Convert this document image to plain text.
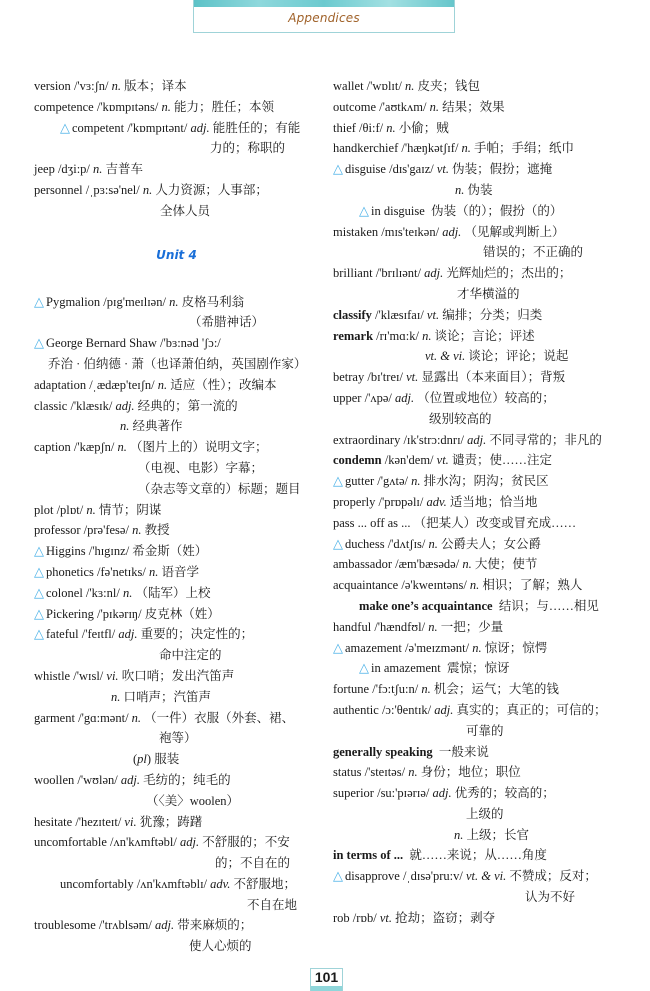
Appendices
version /'vɜ:ʃn/ n. 版本；译本
competence /'kɒmpɪtəns/ n. 能力；胜任；本领
△ competent /'kɒmpɪtənt/ adj. 能胜任的；有能
力的；称职的
jeep /dʒi:p/ n. 吉普车
personnel /ˌpɜ:sə'nel/ n. 人力资源；人事部；
全体人员
Unit 4
△ Pygmalion /pɪg'meɪlɪən/ n. 皮格马利翁
（希腊神话）
△ George Bernard Shaw /'bɜ:nəd 'ʃɔ:/
乔治 · 伯纳德 · 萧（也译萧伯纳，英国剧作家）
adaptation /ˌædæp'teɪʃn/ n. 适应（性）；改编本
classic /'klæsɪk/ adj. 经典的；第一流的
n. 经典著作
caption /'kæpʃn/ n. （图片上的）说明文字；
（电视、电影）字幕；
（杂志等文章的）标题；题目
plot /plɒt/ n. 情节；阴谋
professor /prə'fesə/ n. 教授
△ Higgins /'hɪgɪnz/ 希金斯（姓）
△ phonetics /fə'netɪks/ n. 语音学
△ colonel /'kɜ:nl/ n. （陆军）上校
△ Pickering /'pɪkərɪŋ/ 皮克林（姓）
△ fateful /'feɪtfl/ adj. 重要的；决定性的；
命中注定的
whistle /'wɪsl/ vi. 吹口哨；发出汽笛声
n. 口哨声；汽笛声
garment /'gɑ:mənt/ n. （一件）衣服（外套、裙、
袍等）
(pl) 服装
woollen /'wʊlən/ adj. 毛纺的；纯毛的
（〈美〉woolen）
hesitate /'hezɪteɪt/ vi. 犹豫；踌躇
uncomfortable /ʌn'kʌmftəbl/ adj. 不舒服的；不安
的；不自在的
uncomfortably /ʌn'kʌmftəblɪ/ adv. 不舒服地；
不自在地
troublesome /'trʌblsəm/ adj. 带来麻烦的；
使人心烦的
wallet /'wɒlɪt/ n. 皮夹；钱包
outcome /'aʊtkʌm/ n. 结果；效果
thief /θi:f/ n. 小偷；贼
handkerchief /'hæŋkətʃɪf/ n. 手帕；手绢；纸巾
△ disguise /dɪs'gaɪz/ vt. 伪装；假扮；遮掩
n. 伪装
△ in disguise 伪装（的）；假扮（的）
mistaken /mɪs'teɪkən/ adj. （见解或判断上）
错误的；不正确的
brilliant /'brɪlɪənt/ adj. 光辉灿烂的；杰出的；
才华横溢的
classify /'klæsɪfaɪ/ vt. 编排；分类；归类
remark /rɪ'mɑ:k/ n. 谈论；言论；评述
vt. & vi. 谈论；评论；说起
betray /bɪ'treɪ/ vt. 显露出（本来面目）；背叛
upper /'ʌpə/ adj. （位置或地位）较高的；
级别较高的
extraordinary /ɪk'strɔ:dnrɪ/ adj. 不同寻常的；非凡的
condemn /kən'dem/ vt. 谴责；使……注定
△ gutter /'gʌtə/ n. 排水沟；阴沟；贫民区
properly /'prɒpəlɪ/ adv. 适当地；恰当地
pass ... off as ... （把某人）改变或冒充成……
△ duchess /'dʌtʃɪs/ n. 公爵夫人；女公爵
ambassador /æm'bæsədə/ n. 大使；使节
acquaintance /ə'kweɪntəns/ n. 相识；了解；熟人
make one’s acquaintance 结识；与……相见
handful /'hændfʊl/ n. 一把；少量
△ amazement /ə'meɪzmənt/ n. 惊讶；惊愕
△ in amazement 震惊；惊讶
fortune /'fɔ:tʃu:n/ n. 机会；运气；大笔的钱
authentic /ɔ:'θentɪk/ adj. 真实的；真正的；可信的；
可靠的
generally speaking 一般来说
status /'steɪtəs/ n. 身份；地位；职位
superior /su:'pɪərɪə/ adj. 优秀的；较高的；
上级的
n. 上级；长官
in terms of ... 就……来说；从……角度
△ disapprove /ˌdɪsə'pru:v/ vt. & vi. 不赞成；反对；
认为不好
rob /rɒb/ vt. 抢劫；盗窃；剥夺
101
